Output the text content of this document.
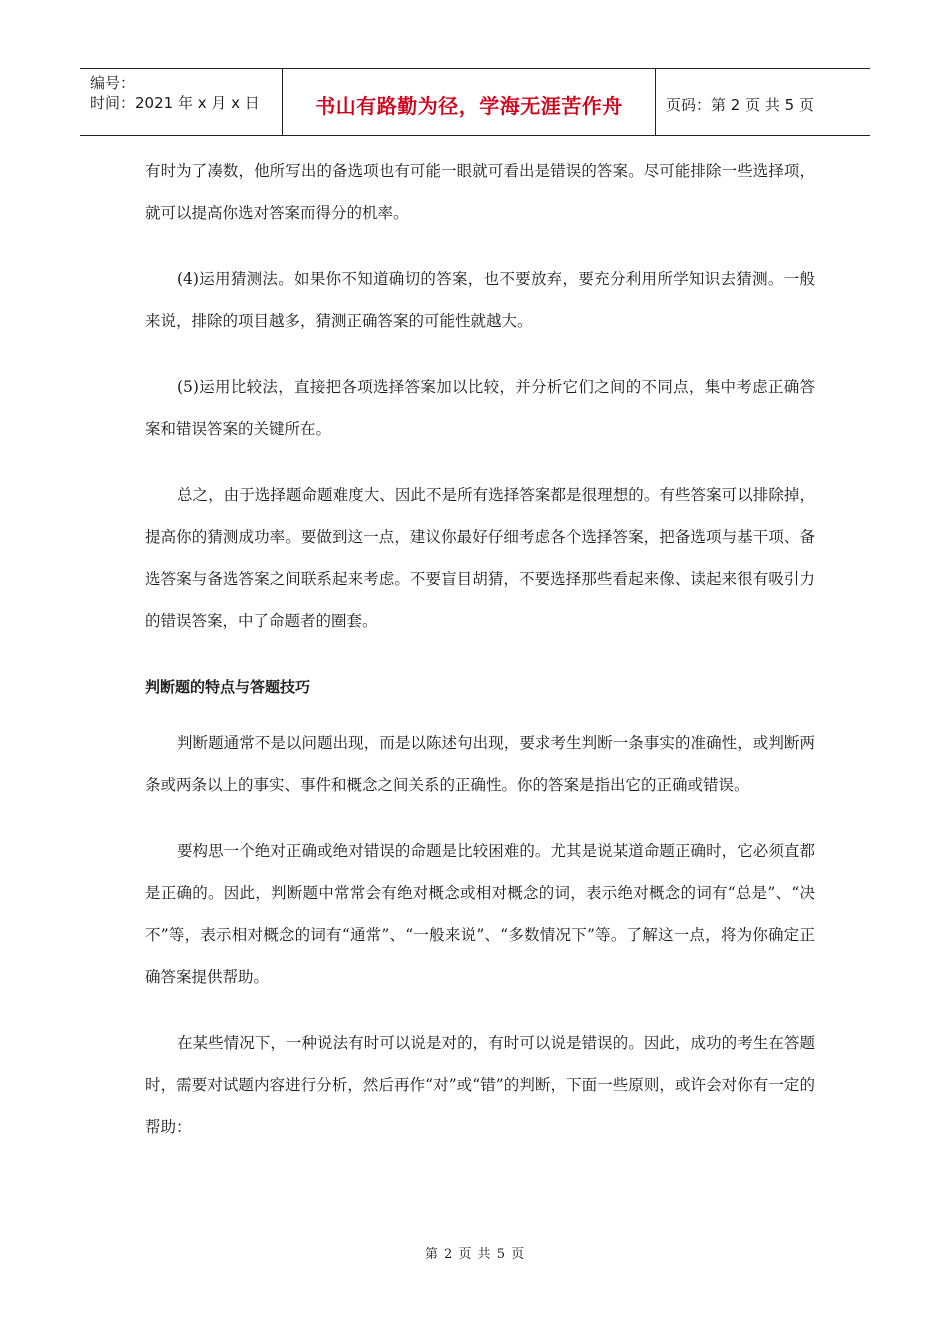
编号：
时间：2021 年 x 月 x 日	书山有路勤为径，学海无涯苦作舟	页码：第 2 页 共 5 页

有时为了凑数，他所写出的备选项也有可能一眼就可看出是错误的答案。尽可能排除一些选择项，就可以提高你选对答案而得分的机率。

(4)运用猜测法。如果你不知道确切的答案，也不要放弃，要充分利用所学知识去猜测。一般来说，排除的项目越多，猜测正确答案的可能性就越大。

(5)运用比较法，直接把各项选择答案加以比较，并分析它们之间的不同点，集中考虑正确答案和错误答案的关键所在。

总之，由于选择题命题难度大、因此不是所有选择答案都是很理想的。有些答案可以排除掉，提高你的猜测成功率。要做到这一点，建议你最好仔细考虑各个选择答案，把备选项与基干项、备选答案与备选答案之间联系起来考虑。不要盲目胡猜，不要选择那些看起来像、读起来很有吸引力的错误答案，中了命题者的圈套。

判断题的特点与答题技巧

判断题通常不是以问题出现，而是以陈述句出现，要求考生判断一条事实的准确性，或判断两条或两条以上的事实、事件和概念之间关系的正确性。你的答案是指出它的正确或错误。

要构思一个绝对正确或绝对错误的命题是比较困难的。尤其是说某道命题正确时，它必须直都是正确的。因此，判断题中常常会有绝对概念或相对概念的词，表示绝对概念的词有“总是”、“决不”等，表示相对概念的词有“通常”、“一般来说”、“多数情况下”等。了解这一点，将为你确定正确答案提供帮助。

在某些情况下，一种说法有时可以说是对的，有时可以说是错误的。因此，成功的考生在答题时，需要对试题内容进行分析，然后再作“对”或“错”的判断，下面一些原则，或许会对你有一定的帮助：

第 2 页 共 5 页
